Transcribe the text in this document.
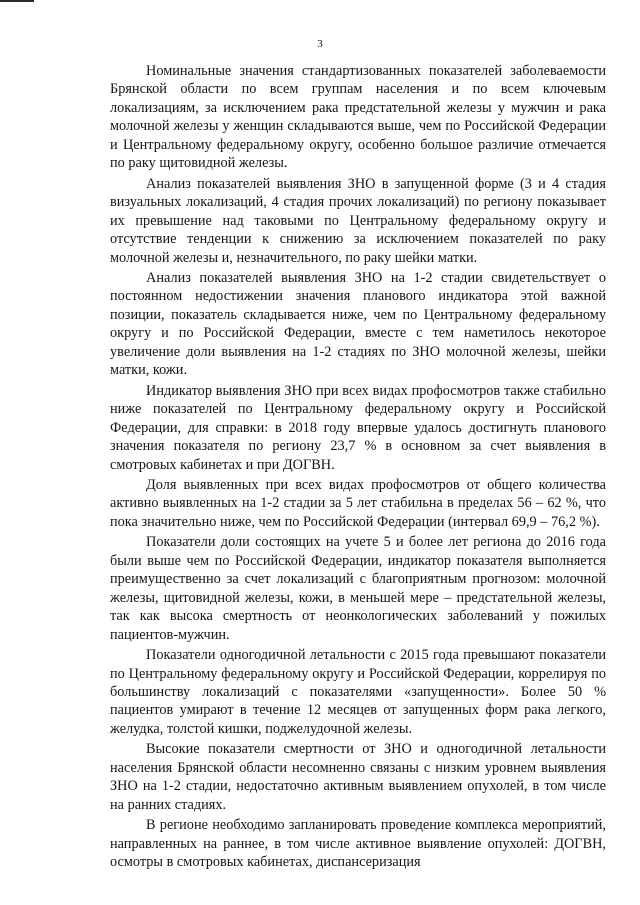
3

Номинальные значения стандартизованных показателей заболеваемости Брянской области по всем группам населения и по всем ключевым локализациям, за исключением рака предстательной железы у мужчин и рака молочной железы у женщин складываются выше, чем по Российской Федерации и Центральному федеральному округу, особенно большое различие отмечается по раку щитовидной железы.

Анализ показателей выявления ЗНО в запущенной форме (3 и 4 стадия визуальных локализаций, 4 стадия прочих локализаций) по региону показывает их превышение над таковыми по Центральному федеральному округу и отсутствие тенденции к снижению за исключением показателей по раку молочной железы и, незначительного, по раку шейки матки.

Анализ показателей выявления ЗНО на 1-2 стадии свидетельствует о постоянном недостижении значения планового индикатора этой важной позиции, показатель складывается ниже, чем по Центральному федеральному округу и по Российской Федерации, вместе с тем наметилось некоторое увеличение доли выявления на 1-2 стадиях по ЗНО молочной железы, шейки матки, кожи.

Индикатор выявления ЗНО при всех видах профосмотров также стабильно ниже показателей по Центральному федеральному округу и Российской Федерации, для справки: в 2018 году впервые удалось достигнуть планового значения показателя по региону 23,7 % в основном за счет выявления в смотровых кабинетах и при ДОГВН.

Доля выявленных при всех видах профосмотров от общего количества активно выявленных на 1-2 стадии за 5 лет стабильна в пределах 56 – 62 %, что пока значительно ниже, чем по Российской Федерации (интервал 69,9 – 76,2 %).

Показатели доли состоящих на учете 5 и более лет региона до 2016 года были выше чем по Российской Федерации, индикатор показателя выполняется преимущественно за счет локализаций с благоприятным прогнозом: молочной железы, щитовидной железы, кожи, в меньшей мере – предстательной железы, так как высока смертность от неонкологических заболеваний у пожилых пациентов-мужчин.

Показатели одногодичной летальности с 2015 года превышают показатели по Центральному федеральному округу и Российской Федерации, коррелируя по большинству локализаций с показателями «запущенности». Более 50 % пациентов умирают в течение 12 месяцев от запущенных форм рака легкого, желудка, толстой кишки, поджелудочной железы.

Высокие показатели смертности от ЗНО и одногодичной летальности населения Брянской области несомненно связаны с низким уровнем выявления ЗНО на 1-2 стадии, недостаточно активным выявлением опухолей, в том числе на ранних стадиях.

В регионе необходимо запланировать проведение комплекса мероприятий, направленных на раннее, в том числе активное выявление опухолей: ДОГВН, осмотры в смотровых кабинетах, диспансеризация
